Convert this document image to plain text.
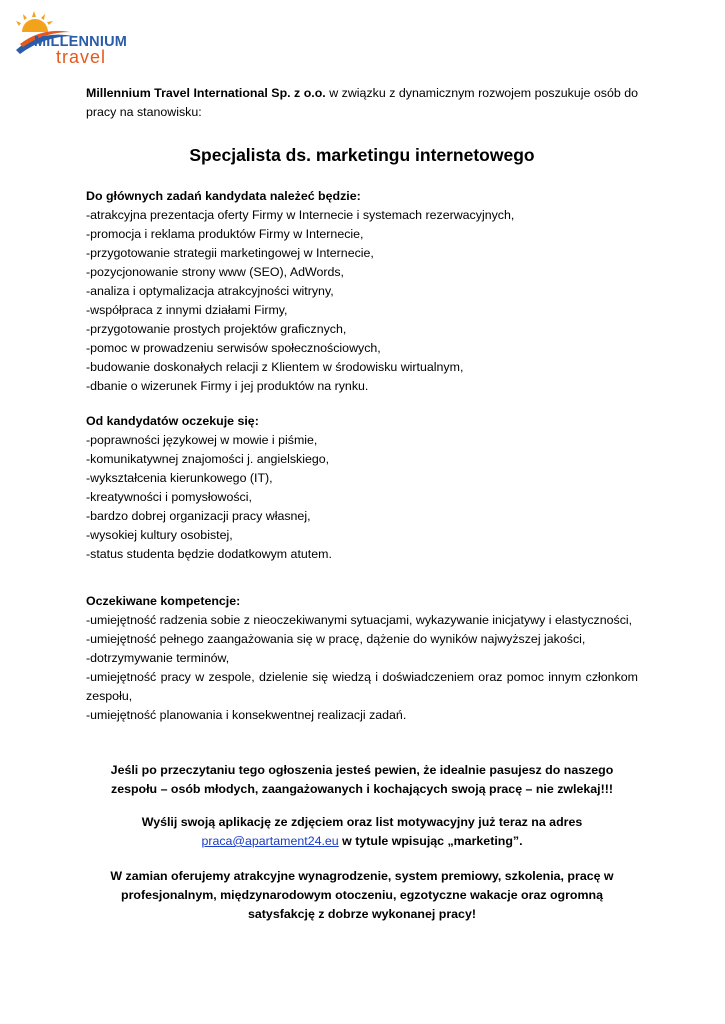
MILLENNIUM
travel

Millennium Travel International Sp. z o.o. w związku z dynamicznym rozwojem poszukuje osób do pracy na stanowisku:

Specjalista ds. marketingu internetowego

Do głównych zadań kandydata należeć będzie:

-atrakcyjna prezentacja oferty Firmy w Internecie i systemach rezerwacyjnych,
-promocja i reklama produktów Firmy w Internecie,
-przygotowanie strategii marketingowej w Internecie,
-pozycjonowanie strony www (SEO), AdWords,
-analiza i optymalizacja atrakcyjności witryny,
-współpraca z innymi działami Firmy,
-przygotowanie prostych projektów graficznych,
-pomoc w prowadzeniu serwisów społecznościowych,
-budowanie doskonałych relacji z Klientem w środowisku wirtualnym,
-dbanie o wizerunek Firmy i jej produktów na rynku.

Od kandydatów oczekuje się:

-poprawności językowej w mowie i piśmie,
-komunikatywnej znajomości j. angielskiego,
-wykształcenia kierunkowego (IT),
-kreatywności i pomysłowości,
-bardzo dobrej organizacji pracy własnej,
-wysokiej kultury osobistej,
-status studenta będzie dodatkowym atutem.

Oczekiwane kompetencje:

-umiejętność radzenia sobie z nieoczekiwanymi sytuacjami, wykazywanie inicjatywy i elastyczności,
-umiejętność pełnego zaangażowania się w pracę, dążenie do wyników najwyższej jakości,
-dotrzymywanie terminów,
-umiejętność pracy w zespole, dzielenie się wiedzą i doświadczeniem oraz pomoc innym członkom zespołu,
-umiejętność planowania i konsekwentnej realizacji zadań.

Jeśli po przeczytaniu tego ogłoszenia jesteś pewien, że idealnie pasujesz do naszego zespołu – osób młodych, zaangażowanych i kochających swoją pracę – nie zwlekaj!!!

Wyślij swoją aplikację ze zdjęciem oraz list motywacyjny już teraz na adres
praca@apartament24.eu w tytule wpisując „marketing”.

W zamian oferujemy atrakcyjne wynagrodzenie, system premiowy, szkolenia, pracę w profesjonalnym, międzynarodowym otoczeniu, egzotyczne wakacje oraz ogromną satysfakcję z dobrze wykonanej pracy!
